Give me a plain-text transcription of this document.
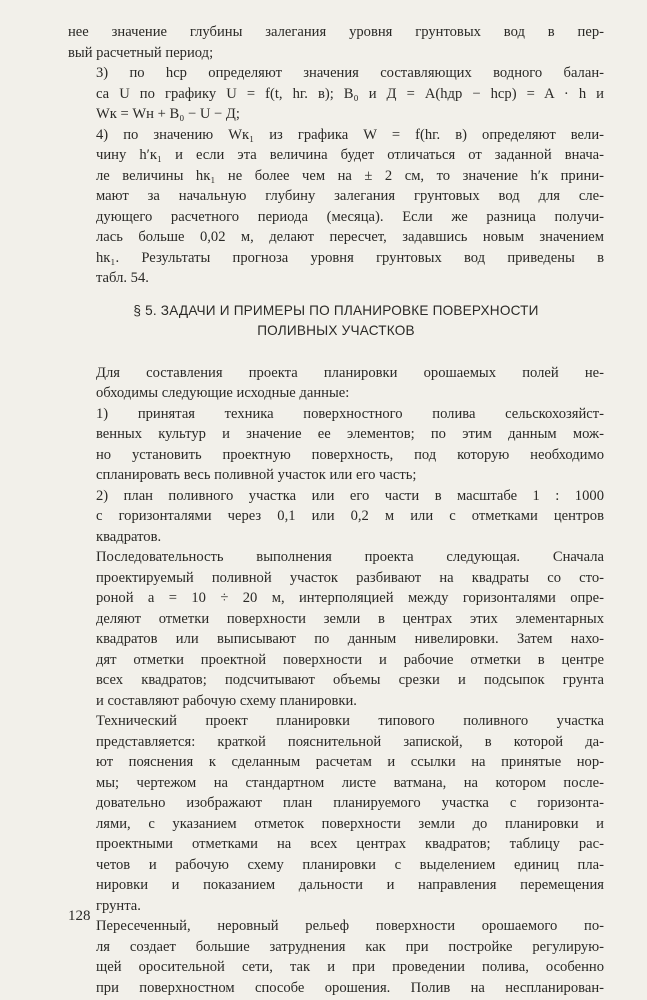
нее значение глубины залегания уровня грунтовых вод в пер-
вый расчетный период;
3) по hср определяют значения составляющих водного балан-
са U по графику U = f(t, hг. в); B₀ и Д = A(hдр − hср) = A · h и
Wк = Wн + B₀ − U − Д;
4) по значению Wк₁ из графика W = f(hг. в) определяют вели-
чину h′к₁ и если эта величина будет отличаться от заданной внача-
ле величины hк₁ не более чем на ± 2 см, то значение h′к прини-
мают за начальную глубину залегания грунтовых вод для сле-
дующего расчетного периода (месяца). Если же разница получи-
лась больше 0,02 м, делают пересчет, задавшись новым значением
hк₁. Результаты прогноза уровня грунтовых вод приведены в
табл. 54.
§ 5. ЗАДАЧИ И ПРИМЕРЫ ПО ПЛАНИРОВКЕ ПОВЕРХНОСТИ
ПОЛИВНЫХ УЧАСТКОВ
Для составления проекта планировки орошаемых полей не-
обходимы следующие исходные данные:
1) принятая техника поверхностного полива сельскохозяйст-
венных культур и значение ее элементов; по этим данным мож-
но установить проектную поверхность, под которую необходимо
спланировать весь поливной участок или его часть;
2) план поливного участка или его части в масштабе 1 : 1000
с горизонталями через 0,1 или 0,2 м или с отметками центров
квадратов.
Последовательность выполнения проекта следующая. Сначала
проектируемый поливной участок разбивают на квадраты со сто-
роной a = 10 ÷ 20 м, интерполяцией между горизонталями опре-
деляют отметки поверхности земли в центрах этих элементарных
квадратов или выписывают по данным нивелировки. Затем нахо-
дят отметки проектной поверхности и рабочие отметки в центре
всех квадратов; подсчитывают объемы срезки и подсыпок грунта
и составляют рабочую схему планировки.
Технический проект планировки типового поливного участка
представляется: краткой пояснительной запиской, в которой да-
ют пояснения к сделанным расчетам и ссылки на принятые нор-
мы; чертежом на стандартном листе ватмана, на котором после-
довательно изображают план планируемого участка с горизонта-
лями, с указанием отметок поверхности земли до планировки и
проектными отметками на всех центрах квадратов; таблицу рас-
четов и рабочую схему планировки с выделением единиц пла-
нировки и показанием дальности и направления перемещения
грунта.
Пересеченный, неровный рельеф поверхности орошаемого по-
ля создает большие затруднения как при постройке регулирую-
щей оросительной сети, так и при проведении полива, особенно
при поверхностном способе орошения. Полив на неспланирован-
128
